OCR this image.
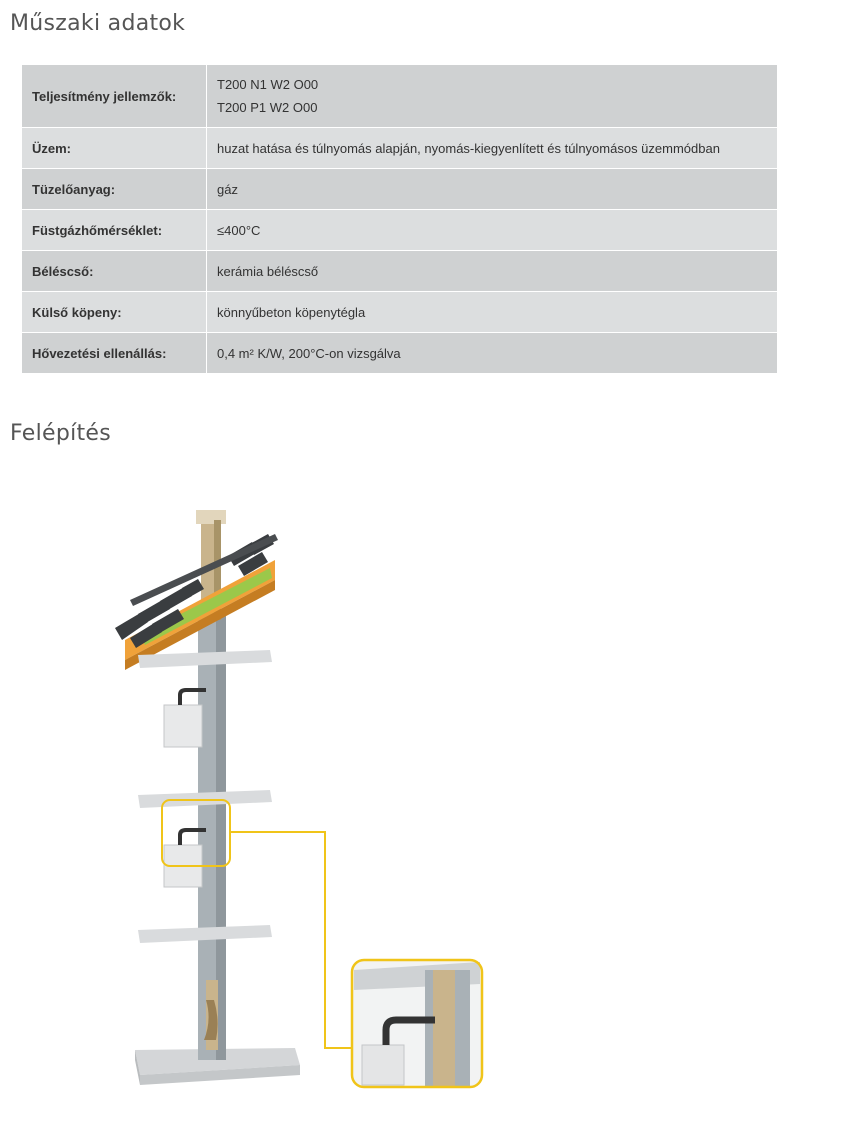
Műszaki adatok
Teljesítmény jellemzők:	T200 N1 W2 O00
T200 P1 W2 O00

Üzem:	huzat hatása és túlnyomás alapján, nyomás-kiegyenlített és túlnyomásos üzemmódban
Tüzelőanyag:	gáz
Füstgázhőmérséklet:	≤400°C
Béléscső:	kerámia béléscső
Külső köpeny:	könnyűbeton köpenytégla
Hővezetési ellenállás:	0,4 m² K/W, 200°C-on vizsgálva
Felépítés
